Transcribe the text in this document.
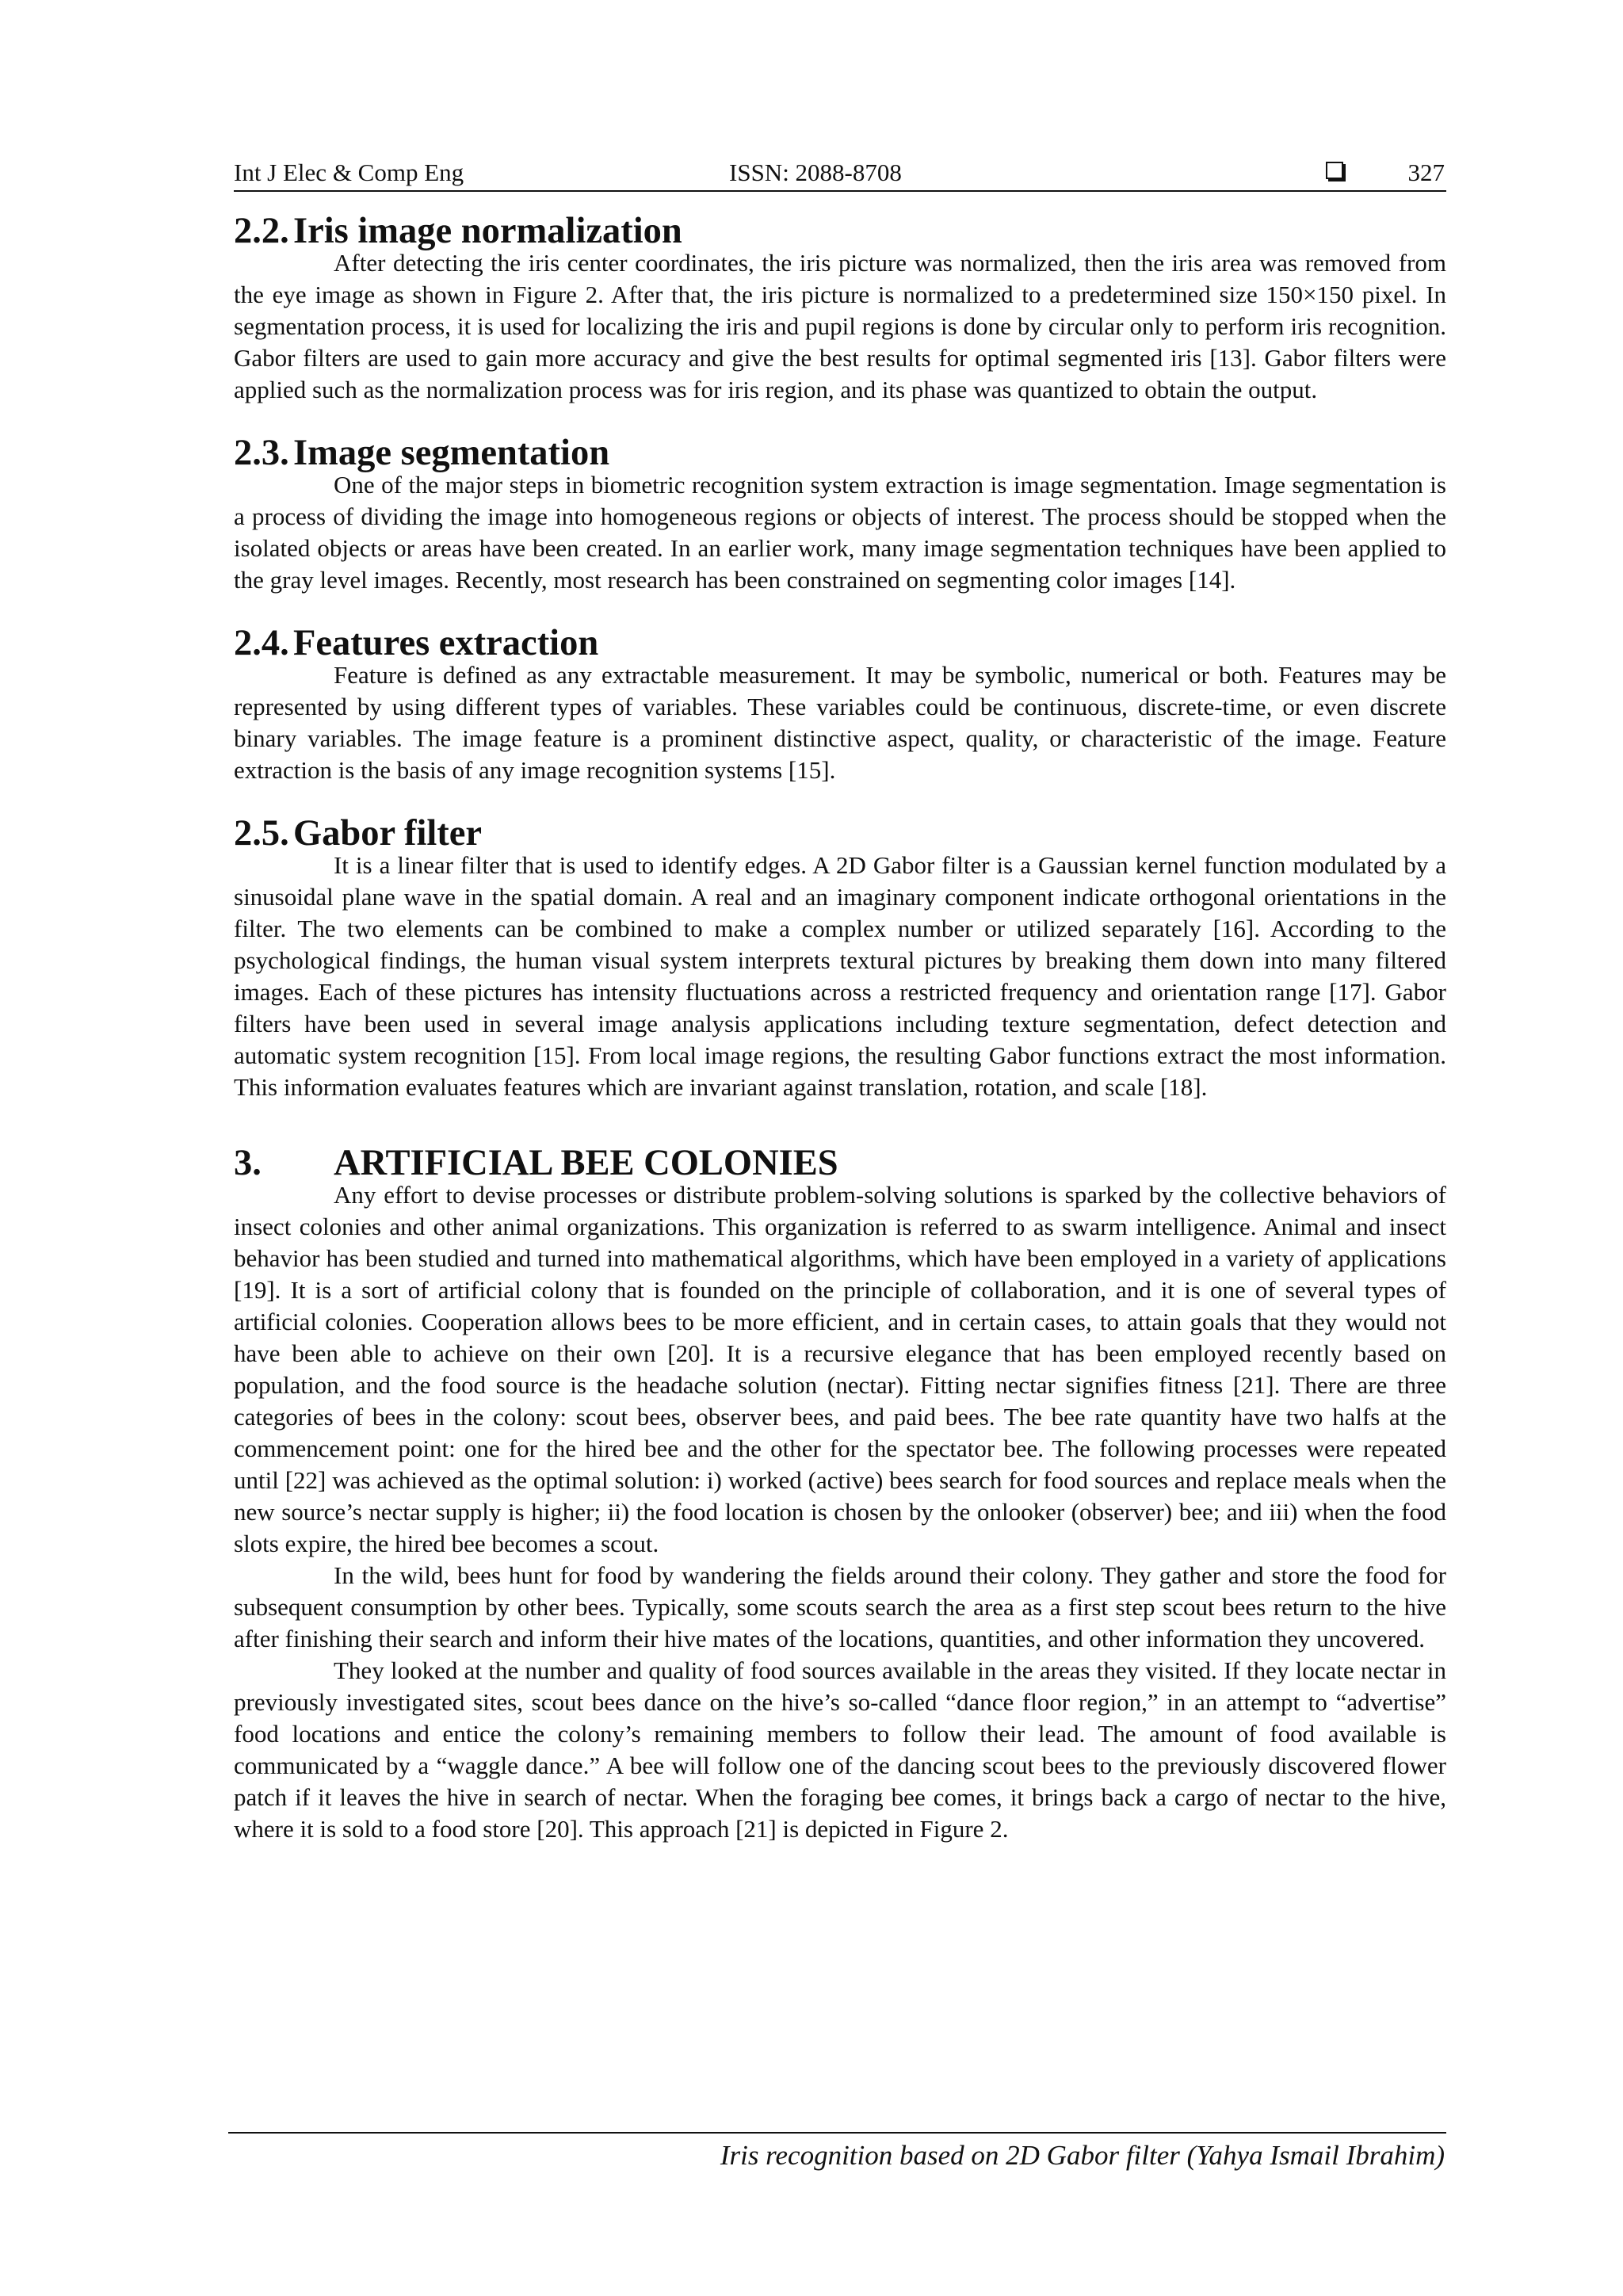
Int J Elec & Comp Eng	ISSN: 2088-8708	327
2.2. Iris image normalization

After detecting the iris center coordinates, the iris picture was normalized, then the iris area was removed from the eye image as shown in Figure 2. After that, the iris picture is normalized to a predetermined size 150×150 pixel. In segmentation process, it is used for localizing the iris and pupil regions is done by circular only to perform iris recognition. Gabor filters are used to gain more accuracy and give the best results for optimal segmented iris [13]. Gabor filters were applied such as the normalization process was for iris region, and its phase was quantized to obtain the output.

2.3. Image segmentation

One of the major steps in biometric recognition system extraction is image segmentation. Image segmentation is a process of dividing the image into homogeneous regions or objects of interest. The process should be stopped when the isolated objects or areas have been created. In an earlier work, many image segmentation techniques have been applied to the gray level images. Recently, most research has been constrained on segmenting color images [14].

2.4. Features extraction

Feature is defined as any extractable measurement. It may be symbolic, numerical or both. Features may be represented by using different types of variables. These variables could be continuous, discrete-time, or even discrete binary variables. The image feature is a prominent distinctive aspect, quality, or characteristic of the image. Feature extraction is the basis of any image recognition systems [15].

2.5. Gabor filter

It is a linear filter that is used to identify edges. A 2D Gabor filter is a Gaussian kernel function modulated by a sinusoidal plane wave in the spatial domain. A real and an imaginary component indicate orthogonal orientations in the filter. The two elements can be combined to make a complex number or utilized separately [16]. According to the psychological findings, the human visual system interprets textural pictures by breaking them down into many filtered images. Each of these pictures has intensity fluctuations across a restricted frequency and orientation range [17]. Gabor filters have been used in several image analysis applications including texture segmentation, defect detection and automatic system recognition [15]. From local image regions, the resulting Gabor functions extract the most information. This information evaluates features which are invariant against translation, rotation, and scale [18].

3.	ARTIFICIAL BEE COLONIES

Any effort to devise processes or distribute problem-solving solutions is sparked by the collective behaviors of insect colonies and other animal organizations. This organization is referred to as swarm intelligence. Animal and insect behavior has been studied and turned into mathematical algorithms, which have been employed in a variety of applications [19]. It is a sort of artificial colony that is founded on the principle of collaboration, and it is one of several types of artificial colonies. Cooperation allows bees to be more efficient, and in certain cases, to attain goals that they would not have been able to achieve on their own [20]. It is a recursive elegance that has been employed recently based on population, and the food source is the headache solution (nectar). Fitting nectar signifies fitness [21]. There are three categories of bees in the colony: scout bees, observer bees, and paid bees. The bee rate quantity have two halfs at the commencement point: one for the hired bee and the other for the spectator bee. The following processes were repeated until [22] was achieved as the optimal solution: i) worked (active) bees search for food sources and replace meals when the new source’s nectar supply is higher; ii) the food location is chosen by the onlooker (observer) bee; and iii) when the food slots expire, the hired bee becomes a scout.

In the wild, bees hunt for food by wandering the fields around their colony. They gather and store the food for subsequent consumption by other bees. Typically, some scouts search the area as a first step scout bees return to the hive after finishing their search and inform their hive mates of the locations, quantities, and other information they uncovered.

They looked at the number and quality of food sources available in the areas they visited. If they locate nectar in previously investigated sites, scout bees dance on the hive’s so-called “dance floor region,” in an attempt to “advertise” food locations and entice the colony’s remaining members to follow their lead. The amount of food available is communicated by a “waggle dance.” A bee will follow one of the dancing scout bees to the previously discovered flower patch if it leaves the hive in search of nectar. When the foraging bee comes, it brings back a cargo of nectar to the hive, where it is sold to a food store [20]. This approach [21] is depicted in Figure 2.

Iris recognition based on 2D Gabor filter (Yahya Ismail Ibrahim)
